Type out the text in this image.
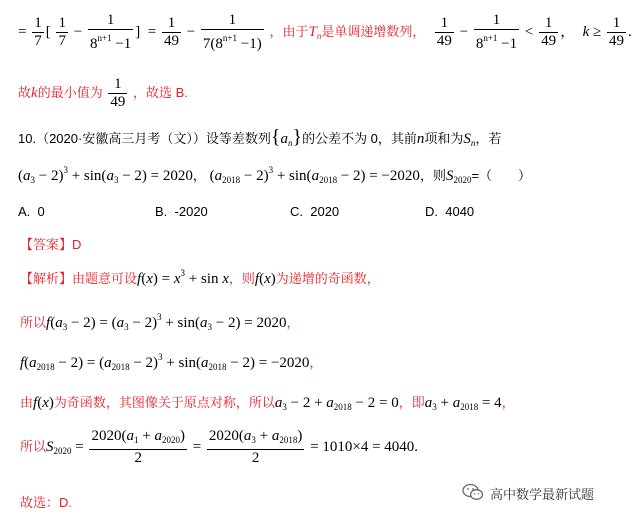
= $\frac{1}{7}$ [ $\frac{1}{7} - \frac{1}{8^{n+1} -1}$ ]  = $\frac{1}{49} - \frac{1}{7(8^{n+1} -1)}$ ，由于$T_n$是单调递增数列， $\frac{1}{49} - \frac{1}{8^{n+1} -1} < \frac{1}{49}$ ， $k \ge \frac{1}{49}$ .
故k的最小值为 $\frac{1}{49}$ ，故选 B.
10.（2020·安徽高三月考（文））设等差数列$\{a_n\}$的公差不为 0，其前n项和为$S_n$，若
$(a_3 - 2)^3 + \sin(a_3 - 2) = 2020$， $(a_{2018} - 2)^3 + \sin(a_{2018} - 2) = -2020$，则$S_{2020}=$（　　）
A. 0	B. -2020	C. 2020	D. 4040
【答案】D
【解析】由题意可设$f(x) = x^3 + \sin x$，则f(x)为递增的奇函数，
所以$f(a_3 - 2) = (a_3 - 2)^3 + \sin(a_3 - 2) = 2020$，
$f(a_{2018} - 2) = (a_{2018} - 2)^3 + \sin(a_{2018} - 2) = -2020$，
由f(x)为奇函数，其图像关于原点对称，所以$a_3 - 2 + a_{2018} - 2 = 0$，即$a_3 + a_{2018} = 4$，
所以$S_{2020} = \frac{2020(a_1 + a_{2020})}{2} = \frac{2020(a_3 + a_{2018})}{2} = 1010\times 4 = 4040$.
故选：D.
高中数学最新试题
